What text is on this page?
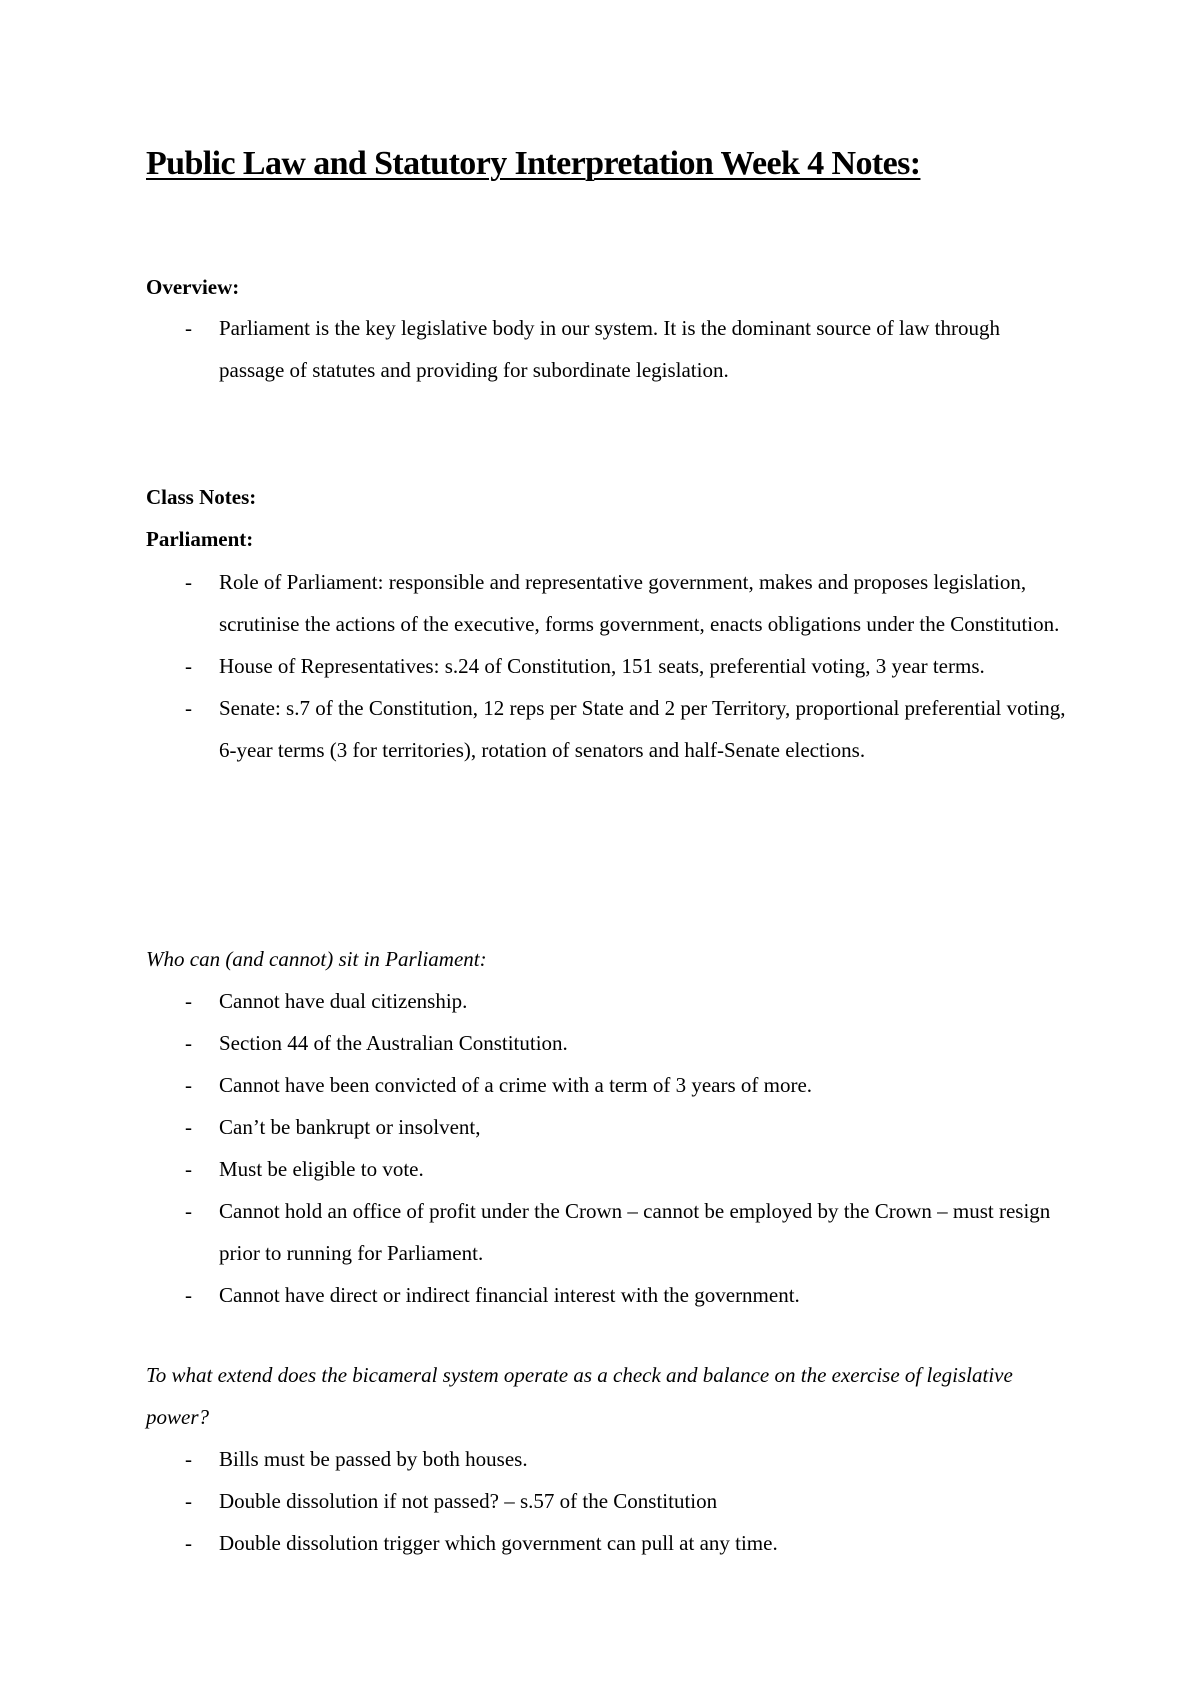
Public Law and Statutory Interpretation Week 4 Notes:
Overview:
-
Parliament is the key legislative body in our system. It is the dominant source of law through passage of statutes and providing for subordinate legislation.
Class Notes:
Parliament:
-
Role of Parliament: responsible and representative government, makes and proposes legislation, scrutinise the actions of the executive, forms government, enacts obligations under the Constitution.
-
House of Representatives: s.24 of Constitution, 151 seats, preferential voting, 3 year terms.
-
Senate: s.7 of the Constitution, 12 reps per State and 2 per Territory, proportional preferential voting, 6-year terms (3 for territories), rotation of senators and half-Senate elections.
Who can (and cannot) sit in Parliament:
-
Cannot have dual citizenship.
-
Section 44 of the Australian Constitution.
-
Cannot have been convicted of a crime with a term of 3 years of more.
-
Can’t be bankrupt or insolvent,
-
Must be eligible to vote.
-
Cannot hold an office of profit under the Crown – cannot be employed by the Crown – must resign prior to running for Parliament.
-
Cannot have direct or indirect financial interest with the government.
To what extend does the bicameral system operate as a check and balance on the exercise of legislative power?
-
Bills must be passed by both houses.
-
Double dissolution if not passed? – s.57 of the Constitution
-
Double dissolution trigger which government can pull at any time.
